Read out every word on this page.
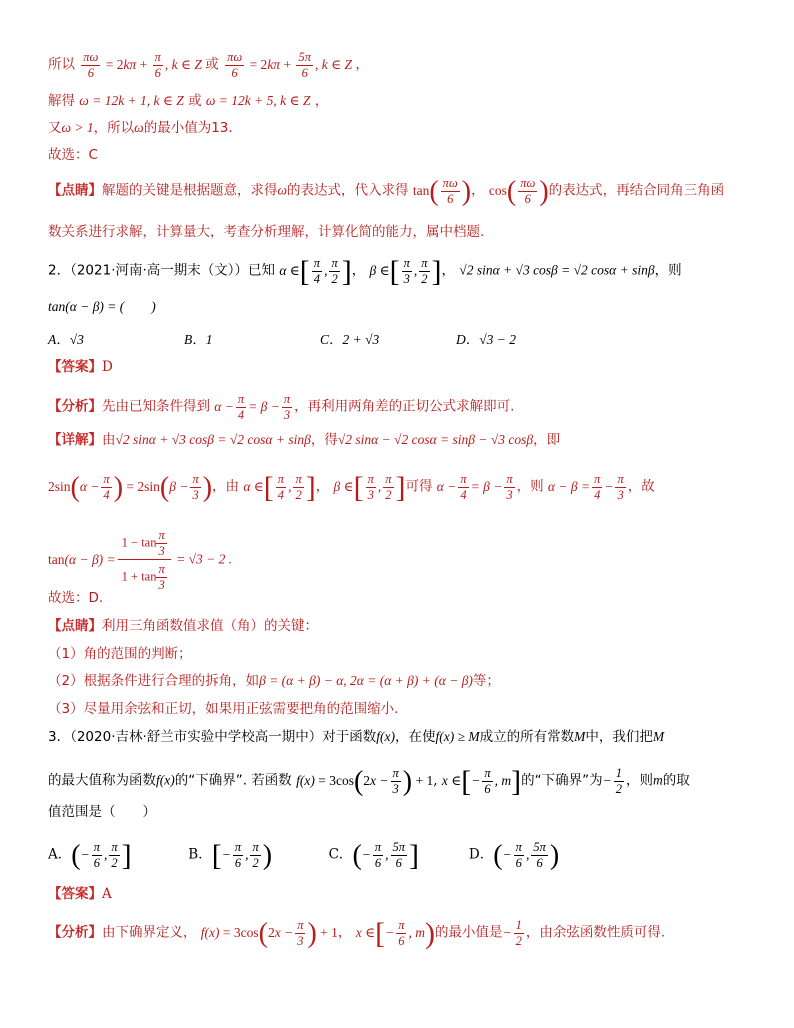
所以 $\frac{\pi\omega}{6} = 2k\pi + \frac{\pi}{6}$ , k ∈ Z 或 $\frac{\pi\omega}{6} = 2k\pi + \frac{5\pi}{6}$ , k ∈ Z ，
解得 ω = 12k + 1, k ∈ Z 或 ω = 12k + 5, k ∈ Z ，
又ω > 1，所以ω的最小值为13.
故选：C
【点睛】解题的关键是根据题意，求得ω的表达式，代入求得 $\tan( \frac{\pi\omega}{6}$ )， $\cos( \frac{\pi\omega}{6}$ )的表达式，再结合同角三角函
数关系进行求解，计算量大，考查分析理解，计算化简的能力，属中档题.
2．（2021·河南·高一期末（文））已知 α ∈[ $\frac{\pi}{4}$ , $\frac{\pi}{2}$ ]， β ∈[ $\frac{\pi}{3}$ , $\frac{\pi}{2}$ ]， √2 sinα + √3 cosβ = √2 cosα + sinβ，则
tan(α − β) = (　　)
A．√3	B．1	C．2 + √3	D．√3 − 2
【答案】D
【分析】先由已知条件得到 $\alpha - \frac{\pi}{4} = \beta - \frac{\pi}{3}$ ，再利用两角差的正切公式求解即可.
【详解】由√2 sinα + √3 cosβ = √2 cosα + sinβ，得√2 sinα − √2 cosα = sinβ − √3 cosβ，即
$2\sin(\alpha - \frac{\pi}{4}$ ) = $2\sin(\beta - \frac{\pi}{3}$ )，由 α ∈[ $\frac{\pi}{4}$ , $\frac{\pi}{2}$ ]， β ∈[ $\frac{\pi}{3}$ , $\frac{\pi}{2}$ ]可得 $\alpha - \frac{\pi}{4} = \beta - \frac{\pi}{3}$ ，则 $\alpha - \beta = \frac{\pi}{4} - \frac{\pi}{3}$ ，故
$\tan(\alpha - \beta) = \frac{1 - \tan \frac{\pi}{3}}{1 + \tan \frac{\pi}{3}} = √3 - 2$ .
故选：D.
【点睛】利用三角函数值求值（角）的关键：
（1）角的范围的判断；
（2）根据条件进行合理的拆角，如β = (α + β) − α, 2α = (α + β) + (α − β)等；
（3）尽量用余弦和正切，如果用正弦需要把角的范围缩小.
3．（2020·吉林·舒兰市实验中学校高一期中）对于函数f(x)，在使f(x) ≥ M成立的所有常数M中，我们把M
的最大值称为函数f(x)的“下确界”. 若函数 $f(x) = 3\cos(2x - \frac{\pi}{3}$ ) + 1, x ∈[− $\frac{\pi}{6}$ , m]的“下确界”为− $\frac{1}{2}$ ，则m的取
值范围是（　　）
A．(− $\frac{\pi}{6}$ , $\frac{\pi}{2}$ ]	B．[− $\frac{\pi}{6}$ , $\frac{\pi}{2}$ )	C．(− $\frac{\pi}{6}$ , $\frac{5\pi}{6}$ ]	D．(− $\frac{\pi}{6}$ , $\frac{5\pi}{6}$ )
【答案】A
【分析】由下确界定义， $f(x) = 3\cos(2x - \frac{\pi}{3}$ ) + 1， x ∈[− $\frac{\pi}{6}$ , m)的最小值是− $\frac{1}{2}$ ，由余弦函数性质可得.
